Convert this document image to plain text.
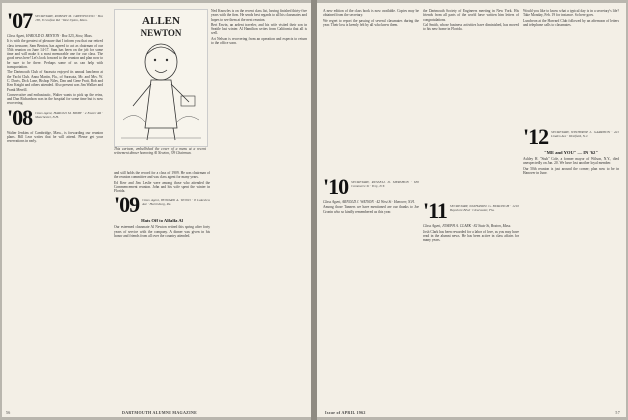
'07 SECRETARY, ROBERT M. GREENWOOD · Box 185, 8 Grafton Rd · West Upton, Mass.

Class Agent, HAROLD D. BENTON · Box 525, Stow, Mass.

It is with the greatest of pleasure that I inform you that our retired class treasurer, Sam Benton, has agreed to act as chairman of our 55th reunion on June 14-17. Sam has been on the job for some time and will make it a most memorable one for our class. The good news here! Let's look forward to the reunion and plan now to be sure to be there. Perhaps some of us can help with transportation.

The Dartmouth Club of Sarasota enjoyed its annual luncheon at the Yacht Club. Anna Martin, Fla., of Sarasota, Mr. and Mrs. W. C. Davis, Dick Lane, Bishop Niles, Dan and Gene Pratt, Bob and Ken Knight and others attended. Also present was Jim Walker and Frank Merrill.

Conservative and enthusiastic, Walter wants to pick up the reins, and Dan Richardson was in the hospital for some time but is now recovering.

'08 Class Agent, HAROLD M. BIXBY · 4 Exeter Rd · Manchester, N.H.

Walter Jenkins of Cambridge, Mass., is forwarding our reunion plans. Bill Lear writes that he will attend. Please get your reservations in early.

ALLEN
NEWTON
This cartoon, embellished the cover of a menu at a recent retirement dinner honoring Al Newton, '09 Chairman.

and still holds the record for a class of 1909. He was chairman of the reunion committee and was class agent for many years.

Ed Kerr and Jim Leslie were among those who attended the Commencement reunion. John and his wife spent the winter in Florida.

'09 Class Agent, HOWARD A. WOOD · 8 Lakeview Ave · Harrisburg, Pa.
Hats Off to Alfalfa Al

Our esteemed classmate Al Newton retired this spring after forty years of service with the company. A dinner was given in his honor and friends from all over the country attended.

Ned Knowles is on the recent class list, having finished thirty-five years with the firm. He sends best regards to all his classmates and hopes to see them at the next reunion.

Bert Erwin, an ardent traveler, and his wife visited their son in Seattle last winter. Al Hamilton writes from California that all is well.

Art Nelson is recovering from an operation and expects to return to the office soon.

56	DARTMOUTH ALUMNI MAGAZINE

A new edition of the class book is now available. Copies may be obtained from the secretary.

We regret to report the passing of several classmates during the year. Their loss is keenly felt by all who knew them.

'10 SECRETARY, RUSSELL D. MERSHON · 630 Commerce St · Troy, N.Y.

Class Agent, ARNOLD J. WATSON · 42 West St · Hanover, N.H.

Among those Tanners we have mentioned are our thanks to Joe Cronin who so kindly remembered us this year.

the Dartmouth Society of Engineers meeting in New York. His friends from all parts of the world have written him letters of congratulations.

Cal Smith, whose business activities have diminished, has moved to his new home in Florida.

'11 SECRETARY, NATHANIEL G. BURLEIGH · 1210 Bayshore Blvd · Clearwater, Fla.

Class Agent, JOSEPH A. CLARK · 82 State St, Boston, Mass.

Josh Clark has been rewarded for a labor of love, as you may have read in the alumni news. He has been active in class affairs for many years.

Would you like to know what a typical day is in a secretary's life? Take Monday, Feb. 19 for instance. So here goes.

Luncheon at the Harvard Club followed by an afternoon of letters and telephone calls to classmates.

'12 SECRETARY, WINTHROP L. GARRISON · 421 Linden Ave · Westfield, N.J.
"ME and YOU" — IN '62"

Ashley H. "Stub" Cole, a former mayor of Wilson, N.Y., died unexpectedly on Jan. 20. We have lost another loyal member.

Our 50th reunion is just around the corner; plan now to be in Hanover in June.

Issue of APRIL 1962	57
